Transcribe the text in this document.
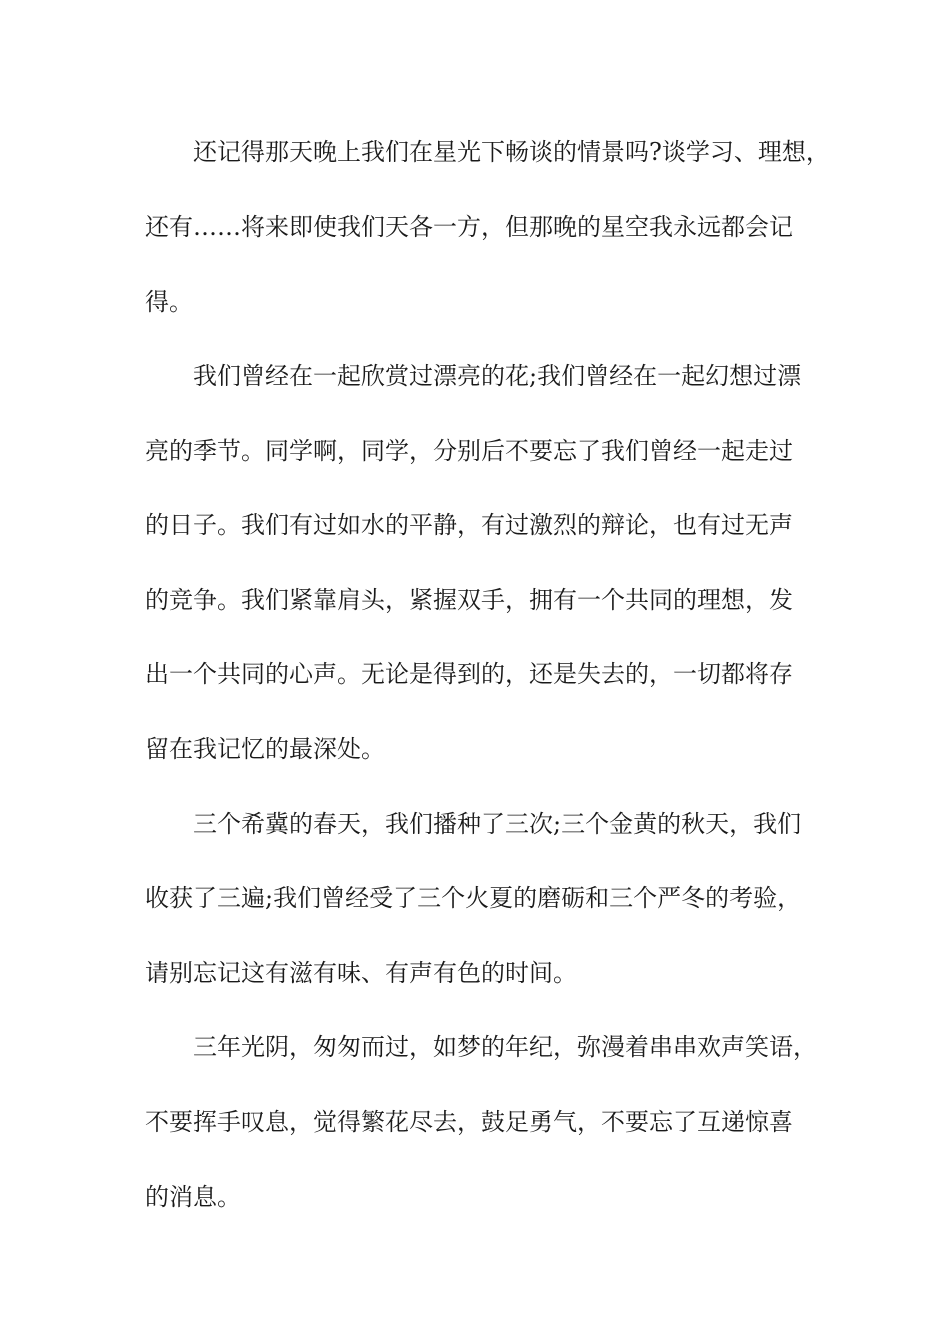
还记得那天晚上我们在星光下畅谈的情景吗?谈学习、理想，
还有……将来即使我们天各一方，但那晚的星空我永远都会记
得。
我们曾经在一起欣赏过漂亮的花;我们曾经在一起幻想过漂
亮的季节。同学啊，同学，分别后不要忘了我们曾经一起走过
的日子。我们有过如水的平静，有过激烈的辩论，也有过无声
的竞争。我们紧靠肩头，紧握双手，拥有一个共同的理想，发
出一个共同的心声。无论是得到的，还是失去的，一切都将存
留在我记忆的最深处。
三个希冀的春天，我们播种了三次;三个金黄的秋天，我们
收获了三遍;我们曾经受了三个火夏的磨砺和三个严冬的考验，
请别忘记这有滋有味、有声有色的时间。
三年光阴，匆匆而过，如梦的年纪，弥漫着串串欢声笑语，
不要挥手叹息，觉得繁花尽去，鼓足勇气，不要忘了互递惊喜
的消息。
